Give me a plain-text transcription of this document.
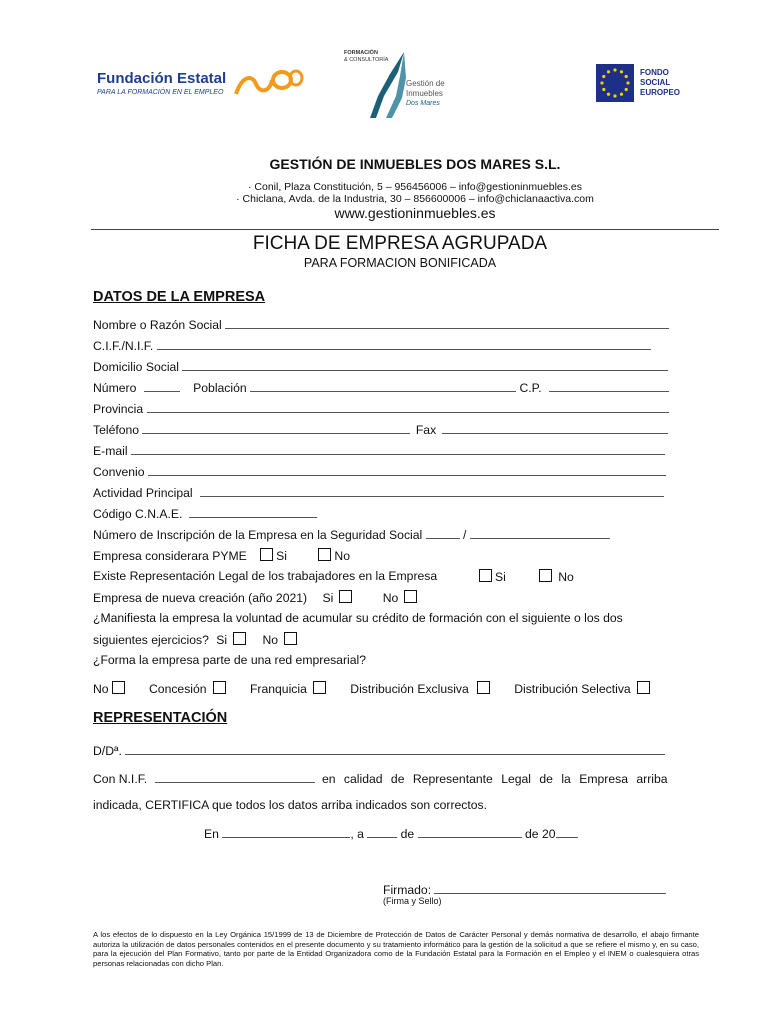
Fundación Estatal
PARA LA FORMACIÓN EN EL EMPLEO
FORMACIÓN
& CONSULTORÍA
Gestión de
Inmuebles
Dos Mares
FONDO
SOCIAL
EUROPEO
GESTIÓN DE INMUEBLES DOS MARES S.L.
· Conil, Plaza Constitución, 5 – 956456006 – info@gestioninmuebles.es
· Chiclana, Avda. de la Industria, 30 – 856600006 – info@chiclanaactiva.com
www.gestioninmuebles.es
FICHA DE EMPRESA AGRUPADA
PARA FORMACION BONIFICADA
DATOS DE LA EMPRESA
Nombre o Razón Social
C.I.F./N.I.F.
Domicilio Social
Número	Población	C.P.
Provincia
Teléfono	Fax
E-mail
Convenio
Actividad Principal
Código C.N.A.E.
Número de Inscripción de la Empresa en la Seguridad Social	/
Empresa considerara PYME Si	No
Existe Representación Legal de los trabajadores en la Empresa	Si	No
Empresa de nueva creación (año 2021) Si	No
¿Manifiesta la empresa la voluntad de acumular su crédito de formación con el siguiente o los dos
siguientes ejercicios? Si	No
¿Forma la empresa parte de una red empresarial?
No	Concesión	Franquicia	Distribución Exclusiva	Distribución Selectiva
REPRESENTACIÓN
D/Dª.
Con N.I.F.	en calidad de Representante Legal de la Empresa arriba
indicada, CERTIFICA que todos los datos arriba indicados son correctos.
En	, a	de	de 20
Firmado:
(Firma y Sello)
A los efectos de lo dispuesto en la Ley Orgánica 15/1999 de 13 de Diciembre de Protección de Datos de Carácter Personal y demás normativa de desarrollo, el abajo firmante autoriza la utilización de datos personales contenidos en el presente documento y su tratamiento informático para la gestión de la solicitud a que se refiere el mismo y, en su caso, para la ejecución del Plan Formativo, tanto por parte de la Entidad Organizadora como de la Fundación Estatal para la Formación en el Empleo y el INEM o cualesquiera otras personas relacionadas con dicho Plan.
